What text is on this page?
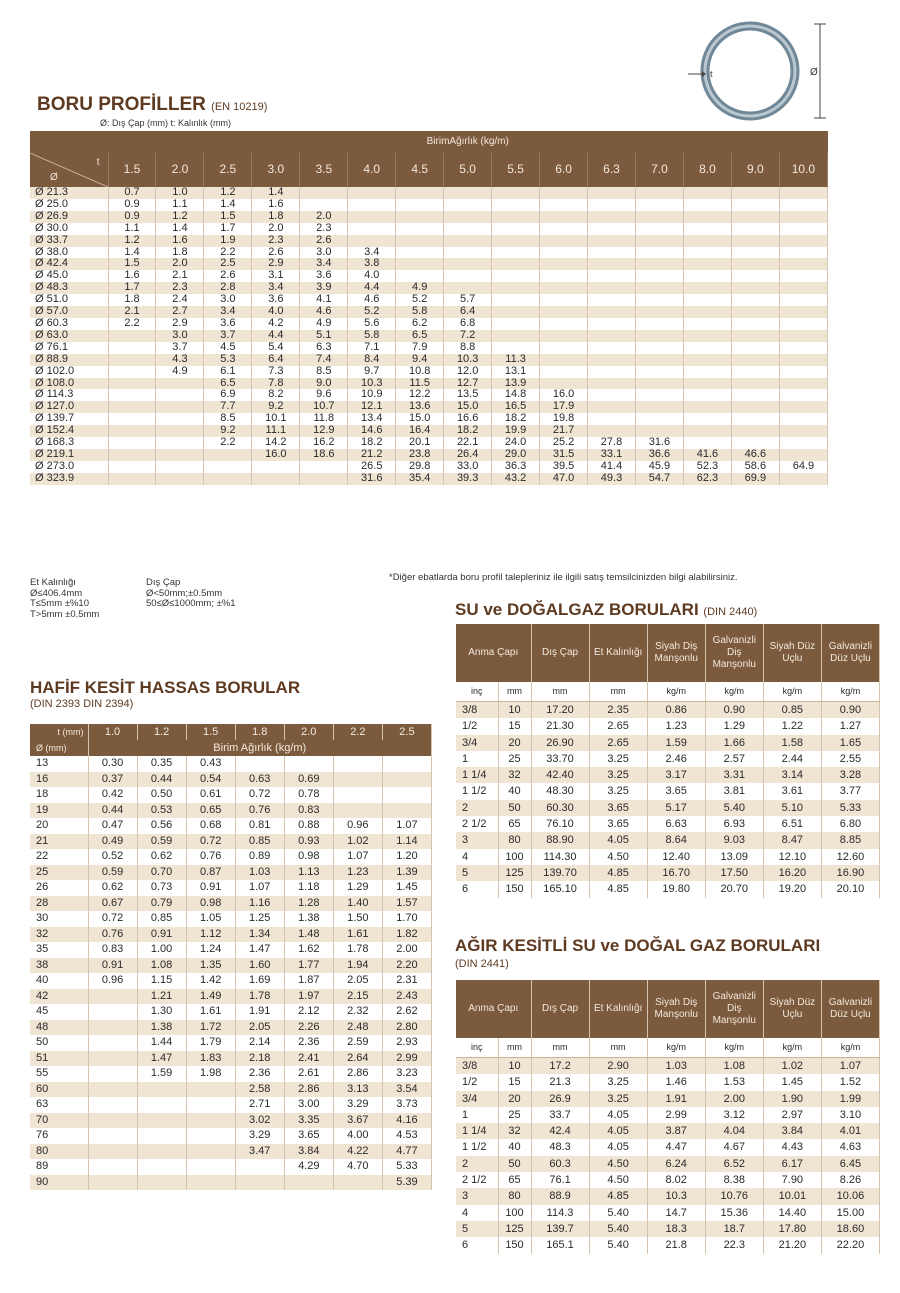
Ø
t
BORU PROFİLLER (EN 10219)
Ø: Dış Çap (mm) t: Kalınlık (mm)
	BirimAğırlık (kg/m)														

t
Ø	1.5	2.0	2.5	3.0	3.5	4.0	4.5	5.0	5.5	6.0	6.3	7.0	8.0	9.0	10.0
Ø 21.3	0.7	1.0	1.2	1.4											
Ø 25.0	0.9	1.1	1.4	1.6											
Ø 26.9	0.9	1.2	1.5	1.8	2.0										
Ø 30.0	1.1	1.4	1.7	2.0	2.3										
Ø 33.7	1.2	1.6	1.9	2.3	2.6										
Ø 38.0	1.4	1.8	2.2	2.6	3.0	3.4									
Ø 42.4	1.5	2.0	2.5	2.9	3.4	3.8									
Ø 45.0	1.6	2.1	2.6	3.1	3.6	4.0									
Ø 48.3	1.7	2.3	2.8	3.4	3.9	4.4	4.9								
Ø 51.0	1.8	2.4	3.0	3.6	4.1	4.6	5.2	5.7							
Ø 57.0	2.1	2.7	3.4	4.0	4.6	5.2	5.8	6.4							
Ø 60.3	2.2	2.9	3.6	4.2	4.9	5.6	6.2	6.8							
Ø 63.0		3.0	3.7	4.4	5.1	5.8	6.5	7.2							
Ø 76.1		3.7	4.5	5.4	6.3	7.1	7.9	8.8							
Ø 88.9		4.3	5.3	6.4	7.4	8.4	9.4	10.3	11.3						
Ø 102.0		4.9	6.1	7.3	8.5	9.7	10.8	12.0	13.1						
Ø 108.0			6.5	7.8	9.0	10.3	11.5	12.7	13.9						
Ø 114.3			6.9	8.2	9.6	10.9	12.2	13.5	14.8	16.0					
Ø 127.0			7.7	9.2	10.7	12.1	13.6	15.0	16.5	17.9					
Ø 139.7			8.5	10.1	11.8	13.4	15.0	16.6	18.2	19.8					
Ø 152.4			9.2	11.1	12.9	14.6	16.4	18.2	19.9	21.7					
Ø 168.3			2.2	14.2	16.2	18.2	20.1	22.1	24.0	25.2	27.8	31.6			
Ø 219.1				16.0	18.6	21.2	23.8	26.4	29.0	31.5	33.1	36.6	41.6	46.6	
Ø 273.0						26.5	29.8	33.0	36.3	39.5	41.4	45.9	52.3	58.6	64.9
Ø 323.9						31.6	35.4	39.3	43.2	47.0	49.3	54.7	62.3	69.9	
*Diğer ebatlarda boru profil talepleriniz ile ilgili satış temsilcinizden bilgi alabilirsiniz.
Et Kalınlığı
Ø≤406.4mm
T≤5mm ±%10
T>5mm ±0.5mm
Dış Çap
Ø<50mm;±0.5mm
50≤Ø≤1000mm; ±%1
HAFİF KESİT HASSAS BORULAR
(DIN 2393 DIN 2394)
t (mm)	1.0	1.2	1.5	1.8	2.0	2.2	2.5
Ø (mm)	Birim Ağırlık (kg/m)						
13	0.30	0.35	0.43				
16	0.37	0.44	0.54	0.63	0.69		
18	0.42	0.50	0.61	0.72	0.78		
19	0.44	0.53	0.65	0.76	0.83		
20	0.47	0.56	0.68	0.81	0.88	0.96	1.07
21	0.49	0.59	0.72	0.85	0.93	1.02	1.14
22	0.52	0.62	0.76	0.89	0.98	1.07	1.20
25	0.59	0.70	0.87	1.03	1.13	1.23	1.39
26	0.62	0.73	0.91	1.07	1.18	1.29	1.45
28	0.67	0.79	0.98	1.16	1.28	1.40	1.57
30	0.72	0.85	1.05	1.25	1.38	1.50	1.70
32	0.76	0.91	1.12	1.34	1.48	1.61	1.82
35	0.83	1.00	1.24	1.47	1.62	1.78	2.00
38	0.91	1.08	1.35	1.60	1.77	1.94	2.20
40	0.96	1.15	1.42	1.69	1.87	2.05	2.31
42		1.21	1.49	1.78	1.97	2.15	2.43
45		1.30	1.61	1.91	2.12	2.32	2.62
48		1.38	1.72	2.05	2.26	2.48	2.80
50		1.44	1.79	2.14	2.36	2.59	2.93
51		1.47	1.83	2.18	2.41	2.64	2.99
55		1.59	1.98	2.36	2.61	2.86	3.23
60				2.58	2.86	3.13	3.54
63				2.71	3.00	3.29	3.73
70				3.02	3.35	3.67	4.16
76				3.29	3.65	4.00	4.53
80				3.47	3.84	4.22	4.77
89					4.29	4.70	5.33
90							5.39
SU ve DOĞALGAZ BORULARI (DIN 2440)
Anma Çapı		Dış Çap	Et Kalınlığı	Siyah Diş Manşonlu	Galvanizli Diş Manşonlu	Siyah Düz Uçlu	Galvanizli Düz Uçlu
inç	mm	mm	mm	kg/m	kg/m	kg/m	kg/m
3/8	10	17.20	2.35	0.86	0.90	0.85	0.90
1/2	15	21.30	2.65	1.23	1.29	1.22	1.27
3/4	20	26.90	2.65	1.59	1.66	1.58	1.65
1	25	33.70	3.25	2.46	2.57	2.44	2.55
1 1/4	32	42.40	3.25	3.17	3.31	3.14	3.28
1 1/2	40	48.30	3.25	3.65	3.81	3.61	3.77
2	50	60.30	3.65	5.17	5.40	5.10	5.33
2 1/2	65	76.10	3.65	6.63	6.93	6.51	6.80
3	80	88.90	4.05	8.64	9.03	8.47	8.85
4	100	114.30	4.50	12.40	13.09	12.10	12.60
5	125	139.70	4.85	16.70	17.50	16.20	16.90
6	150	165.10	4.85	19.80	20.70	19.20	20.10
AĞIR KESİTLİ SU ve DOĞAL GAZ BORULARI
(DIN 2441)
Anma Çapı		Dış Çap	Et Kalınlığı	Siyah Diş Manşonlu	Galvanizli Diş Manşonlu	Siyah Düz Uçlu	Galvanizli Düz Uçlu
inç	mm	mm	mm	kg/m	kg/m	kg/m	kg/m
3/8	10	17.2	2.90	1.03	1.08	1.02	1.07
1/2	15	21.3	3.25	1.46	1.53	1.45	1.52
3/4	20	26.9	3.25	1.91	2.00	1.90	1.99
1	25	33.7	4.05	2.99	3.12	2.97	3.10
1 1/4	32	42.4	4.05	3.87	4.04	3.84	4.01
1 1/2	40	48.3	4.05	4.47	4.67	4.43	4.63
2	50	60.3	4.50	6.24	6.52	6.17	6.45
2 1/2	65	76.1	4.50	8.02	8.38	7.90	8.26
3	80	88.9	4.85	10.3	10.76	10.01	10.06
4	100	114.3	5.40	14.7	15.36	14.40	15.00
5	125	139.7	5.40	18.3	18.7	17.80	18.60
6	150	165.1	5.40	21.8	22.3	21.20	22.20
